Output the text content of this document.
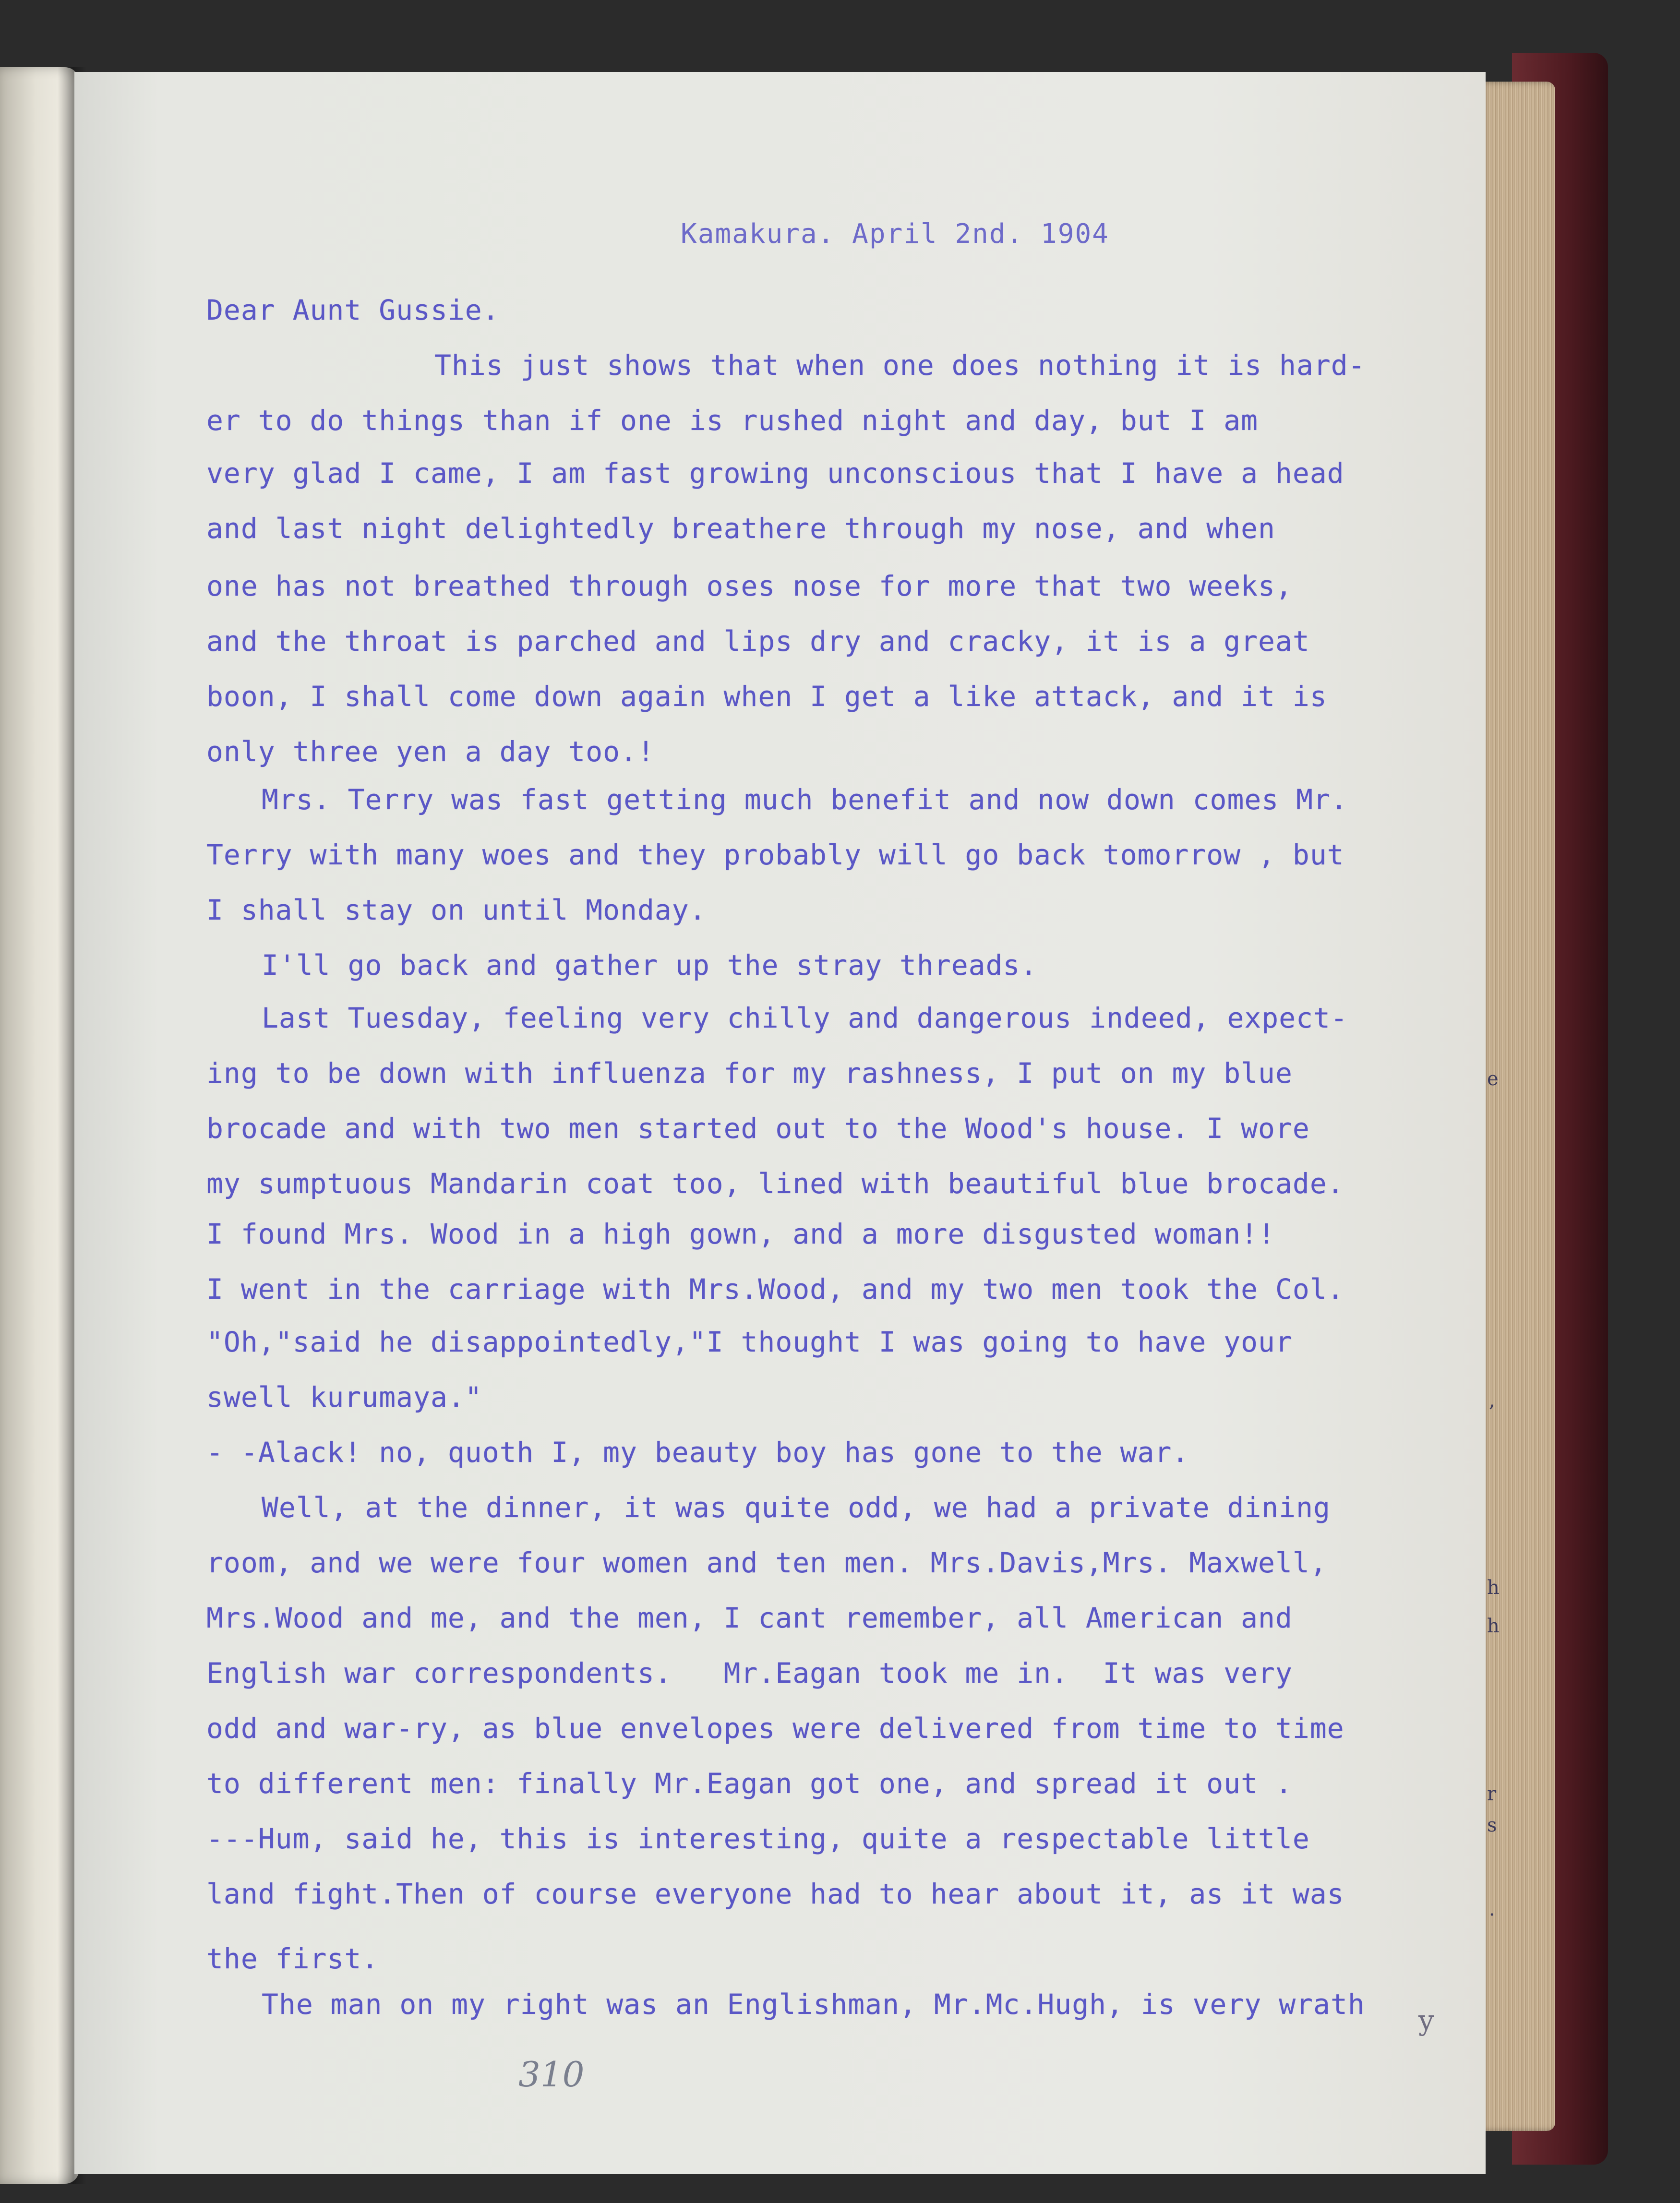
Kamakura. April 2nd. 1904
Dear Aunt Gussie.
This just shows that when one does nothing it is hard-
er to do things than if one is rushed night and day, but I am
very glad I came, I am fast growing unconscious that I have a head
and last night delightedly breathere through my nose, and when
one has not breathed through oses nose for more that two weeks,
and the throat is parched and lips dry and cracky, it is a great
boon, I shall come down again when I get a like attack, and it is
only three yen a day too.!
Mrs. Terry was fast getting much benefit and now down comes Mr.
Terry with many woes and they probably will go back tomorrow , but
I shall stay on until Monday.
I'll go back and gather up the stray threads.
Last Tuesday, feeling very chilly and dangerous indeed, expect-
ing to be down with influenza for my rashness, I put on my blue
brocade and with two men started out to the Wood's house. I wore
my sumptuous Mandarin coat too, lined with beautiful blue brocade.
I found Mrs. Wood in a high gown, and a more disgusted woman!!
I went in the carriage with Mrs.Wood, and my two men took the Col.
"Oh,"said he disappointedly,"I thought I was going to have your
swell kurumaya."
- -Alack! no, quoth I, my beauty boy has gone to the war.
Well, at the dinner, it was quite odd, we had a private dining
room, and we were four women and ten men. Mrs.Davis,Mrs. Maxwell,
Mrs.Wood and me, and the men, I cant remember, all American and
English war correspondents.   Mr.Eagan took me in.  It was very
odd and war-ry, as blue envelopes were delivered from time to time
to different men: finally Mr.Eagan got one, and spread it out .
---Hum, said he, this is interesting, quite a respectable little
land fight.Then of course everyone had to hear about it, as it was
the first.
The man on my right was an Englishman, Mr.Mc.Hugh, is very wrath
310
y
e
,
h
h
r
s
.
